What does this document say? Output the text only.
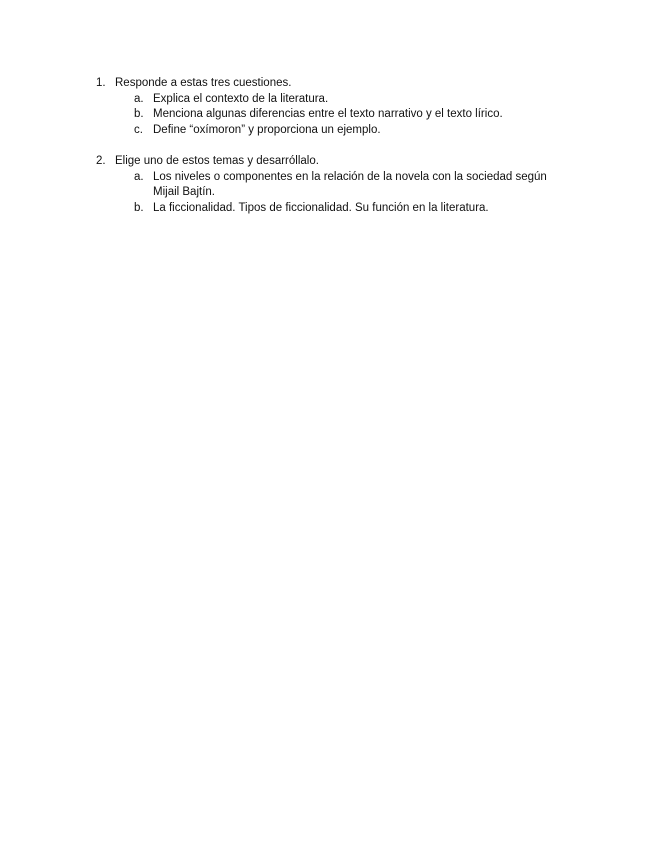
1. Responde a estas tres cuestiones.
a. Explica el contexto de la literatura.
b. Menciona algunas diferencias entre el texto narrativo y el texto lírico.
c. Define “oxímoron” y proporciona un ejemplo.
2. Elige uno de estos temas y desarróllalo.
a. Los niveles o componentes en la relación de la novela con la sociedad según Mijail Bajtín.
b. La ficcionalidad. Tipos de ficcionalidad. Su función en la literatura.
